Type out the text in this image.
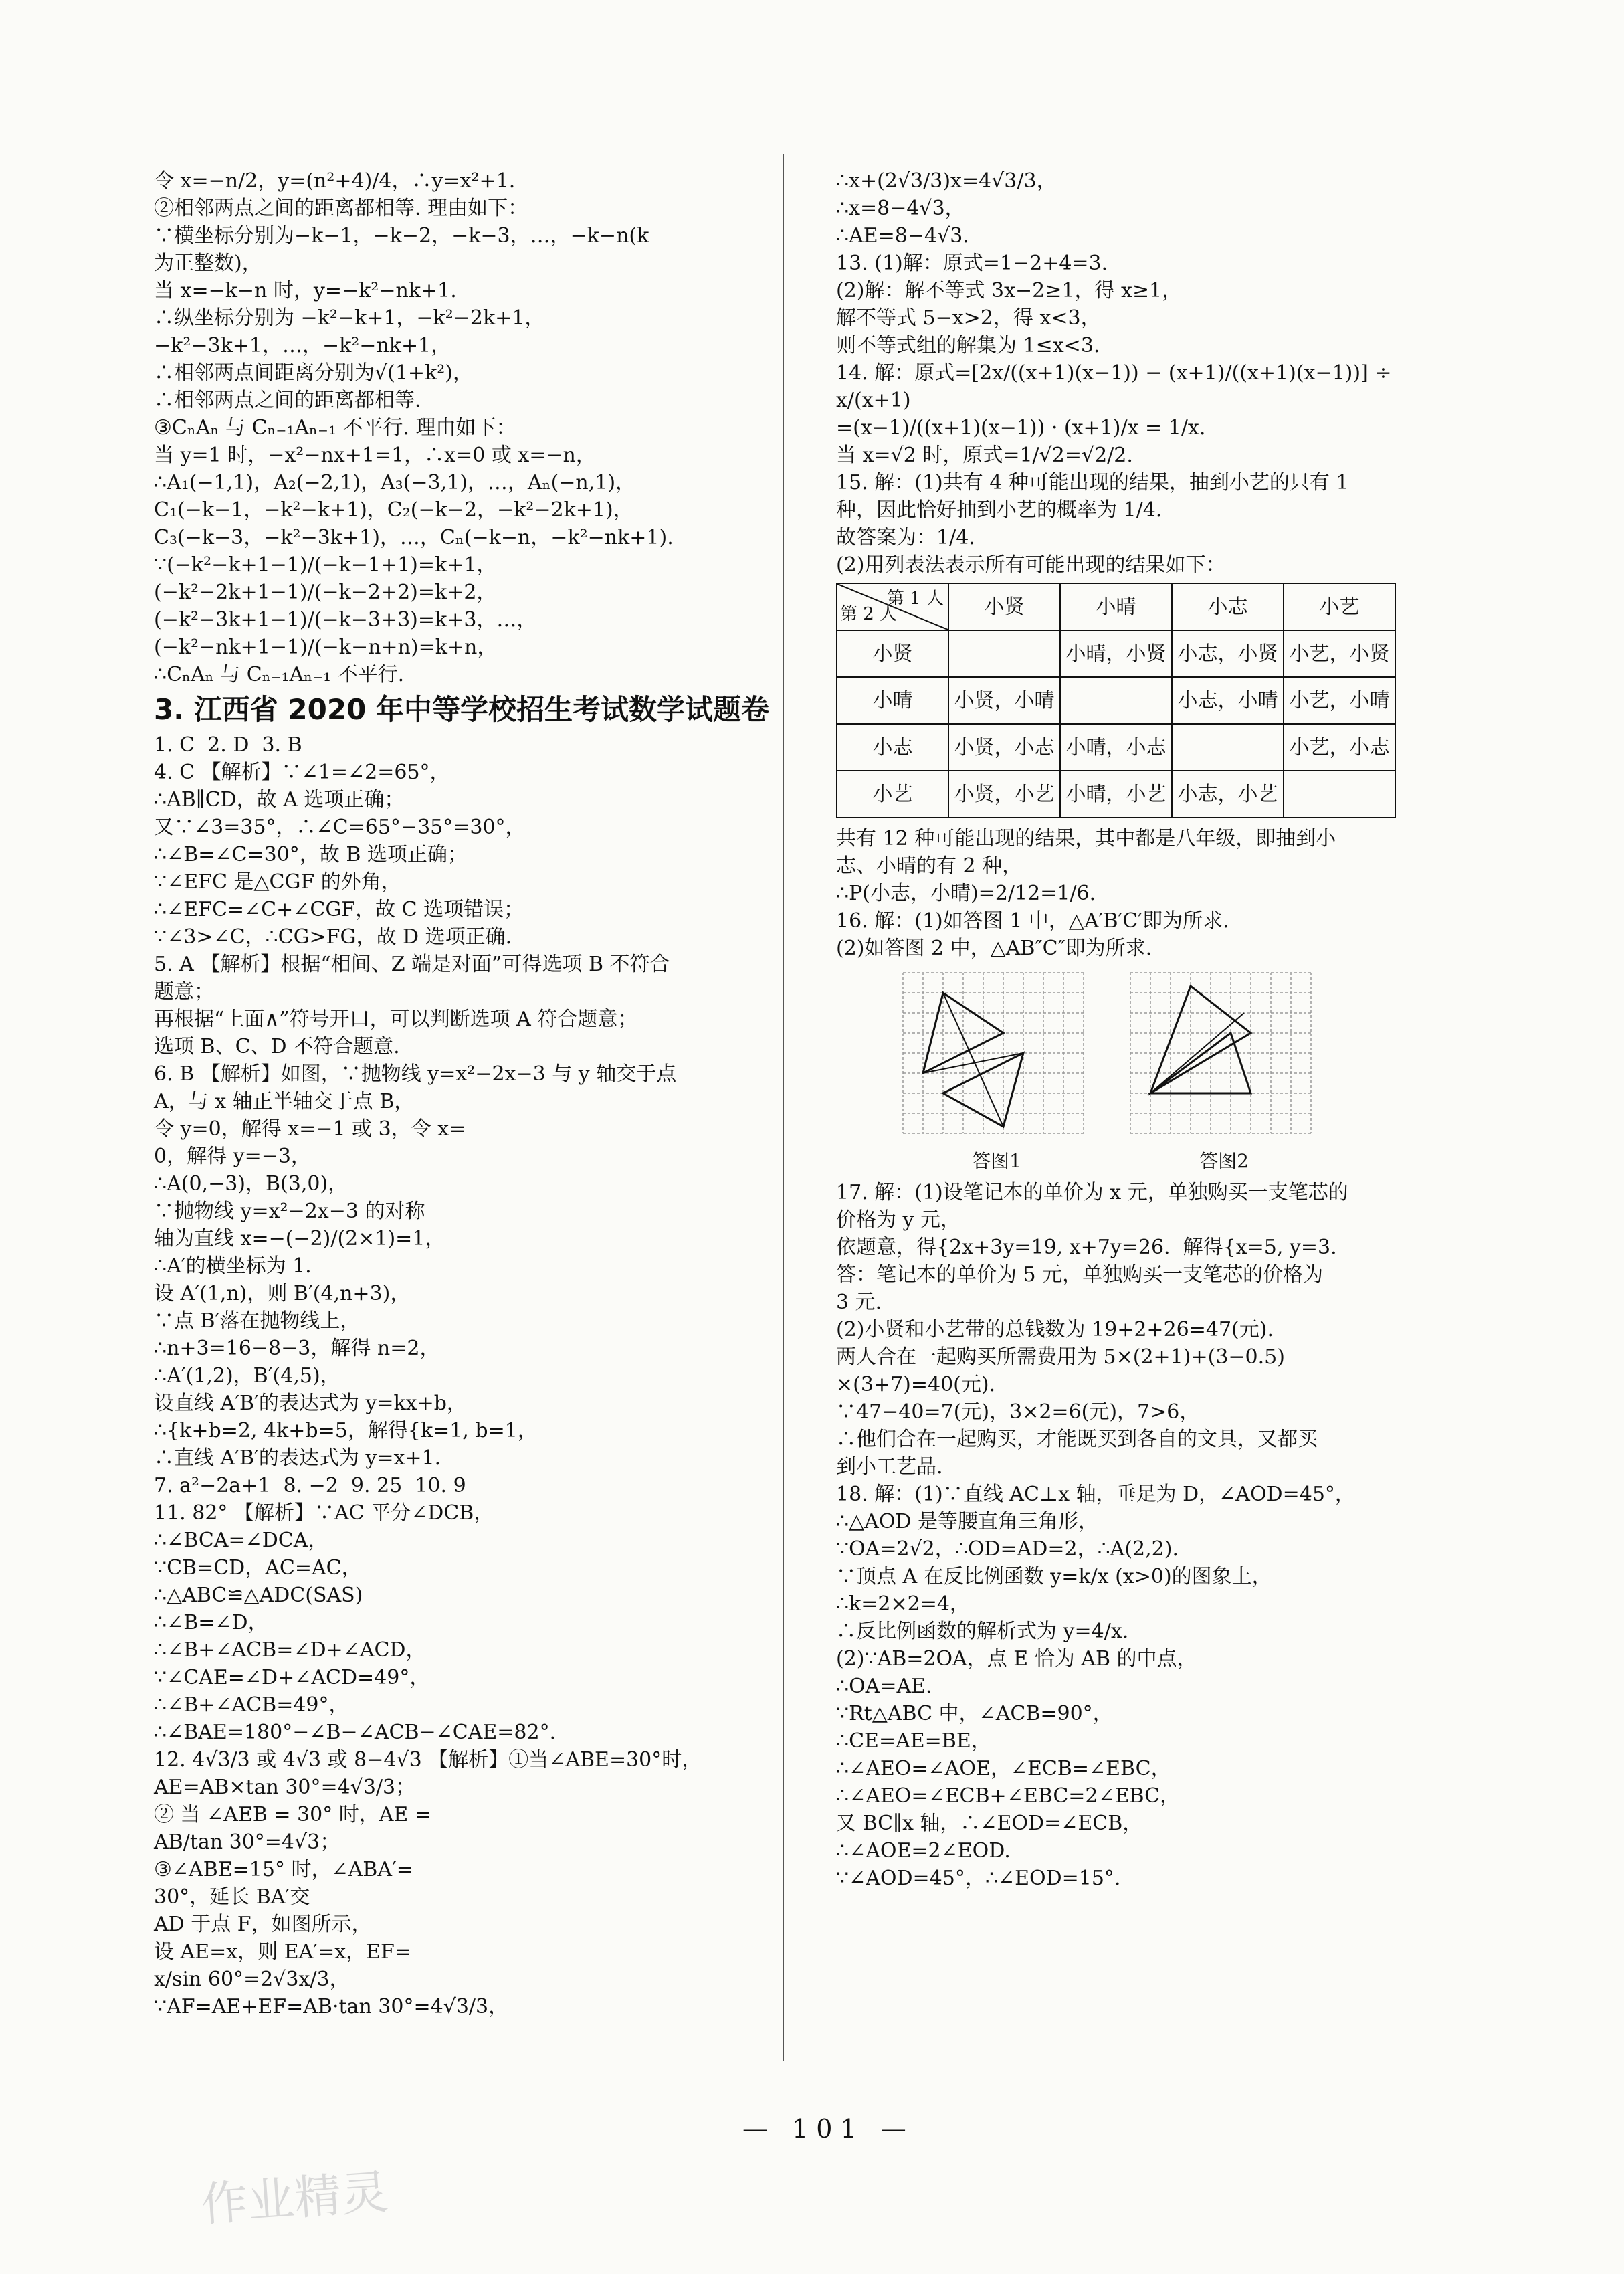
令 x=−n/2，y=(n²+4)/4，∴y=x²+1.
②相邻两点之间的距离都相等. 理由如下：
∵横坐标分别为−k−1，−k−2，−k−3，…，−k−n(k
为正整数)，
当 x=−k−n 时，y=−k²−nk+1.
∴纵坐标分别为 −k²−k+1，−k²−2k+1，
−k²−3k+1，…，−k²−nk+1，
∴相邻两点间距离分别为√(1+k²)，
∴相邻两点之间的距离都相等.
③CₙAₙ 与 Cₙ₋₁Aₙ₋₁ 不平行. 理由如下：
当 y=1 时，−x²−nx+1=1，∴x=0 或 x=−n，
∴A₁(−1,1)，A₂(−2,1)，A₃(−3,1)，…，Aₙ(−n,1)，
C₁(−k−1，−k²−k+1)，C₂(−k−2，−k²−2k+1)，
C₃(−k−3，−k²−3k+1)，…，Cₙ(−k−n，−k²−nk+1).
∵(−k²−k+1−1)/(−k−1+1)=k+1，(−k²−2k+1−1)/(−k−2+2)=k+2，
(−k²−3k+1−1)/(−k−3+3)=k+3，…，(−k²−nk+1−1)/(−k−n+n)=k+n，
∴CₙAₙ 与 Cₙ₋₁Aₙ₋₁ 不平行.
3. 江西省 2020 年中等学校招生考试数学试题卷
1. C  2. D  3. B
4. C 【解析】∵∠1=∠2=65°，
∴AB∥CD，故 A 选项正确；
又∵∠3=35°，∴∠C=65°−35°=30°，
∴∠B=∠C=30°，故 B 选项正确；
∵∠EFC 是△CGF 的外角，
∴∠EFC=∠C+∠CGF，故 C 选项错误；
∵∠3>∠C，∴CG>FG，故 D 选项正确.
5. A 【解析】根据“相间、Z 端是对面”可得选项 B 不符合
题意；
再根据“上面∧”符号开口，可以判断选项 A 符合题意；
选项 B、C、D 不符合题意.
6. B 【解析】如图，∵抛物线 y=x²−2x−3 与 y 轴交于点
A，与 x 轴正半轴交于点 B，
令 y=0，解得 x=−1 或 3，令 x=
0，解得 y=−3，
∴A(0,−3)，B(3,0)，
∵抛物线 y=x²−2x−3 的对称
轴为直线 x=−(−2)/(2×1)=1，
∴A′的横坐标为 1.
设 A′(1,n)，则 B′(4,n+3)，
∵点 B′落在抛物线上，
∴n+3=16−8−3，解得 n=2，
∴A′(1,2)，B′(4,5)，
设直线 A′B′的表达式为 y=kx+b，
∴{k+b=2, 4k+b=5，解得{k=1, b=1，
∴直线 A′B′的表达式为 y=x+1.
7. a²−2a+1  8. −2  9. 25  10. 9
11. 82° 【解析】∵AC 平分∠DCB，
∴∠BCA=∠DCA，
∵CB=CD，AC=AC，
∴△ABC≌△ADC(SAS)
∴∠B=∠D，
∴∠B+∠ACB=∠D+∠ACD，
∵∠CAE=∠D+∠ACD=49°，
∴∠B+∠ACB=49°，
∴∠BAE=180°−∠B−∠ACB−∠CAE=82°.
12. 4√3/3 或 4√3 或 8−4√3 【解析】①当∠ABE=30°时，
AE=AB×tan 30°=4√3/3；
② 当 ∠AEB = 30° 时，AE =
AB/tan 30°=4√3；
③∠ABE=15° 时，∠ABA′=
30°，延长 BA′交
AD 于点 F，如图所示，
设 AE=x，则 EA′=x，EF=
x/sin 60°=2√3x/3，
∵AF=AE+EF=AB·tan 30°=4√3/3，
∴x+(2√3/3)x=4√3/3，
∴x=8−4√3，
∴AE=8−4√3.
13. (1)解：原式=1−2+4=3.
(2)解：解不等式 3x−2≥1，得 x≥1，
解不等式 5−x>2，得 x<3，
则不等式组的解集为 1≤x<3.
14. 解：原式=[2x/((x+1)(x−1)) − (x+1)/((x+1)(x−1))] ÷ x/(x+1)
=(x−1)/((x+1)(x−1)) · (x+1)/x = 1/x.
当 x=√2 时，原式=1/√2=√2/2.
15. 解：(1)共有 4 种可能出现的结果，抽到小艺的只有 1
种，因此恰好抽到小艺的概率为 1/4.
故答案为：1/4.
(2)用列表法表示所有可能出现的结果如下：
第 1 人
第 2 人	小贤	小晴	小志	小艺
小贤		小晴，小贤	小志，小贤	小艺，小贤
小晴	小贤，小晴		小志，小晴	小艺，小晴
小志	小贤，小志	小晴，小志		小艺，小志
小艺	小贤，小艺	小晴，小艺	小志，小艺	
共有 12 种可能出现的结果，其中都是八年级，即抽到小
志、小晴的有 2 种，
∴P(小志，小晴)=2/12=1/6.
16. 解：(1)如答图 1 中，△A′B′C′即为所求.
(2)如答图 2 中，△AB″C″即为所求.
答图1	答图2
17. 解：(1)设笔记本的单价为 x 元，单独购买一支笔芯的
价格为 y 元，
依题意，得{2x+3y=19, x+7y=26.  解得{x=5, y=3.
答：笔记本的单价为 5 元，单独购买一支笔芯的价格为
3 元.
(2)小贤和小艺带的总钱数为 19+2+26=47(元).
两人合在一起购买所需费用为 5×(2+1)+(3−0.5)
×(3+7)=40(元).
∵47−40=7(元)，3×2=6(元)，7>6，
∴他们合在一起购买，才能既买到各自的文具，又都买
到小工艺品.
18. 解：(1)∵直线 AC⊥x 轴，垂足为 D，∠AOD=45°，
∴△AOD 是等腰直角三角形，
∵OA=2√2，∴OD=AD=2，∴A(2,2).
∵顶点 A 在反比例函数 y=k/x (x>0)的图象上，
∴k=2×2=4，
∴反比例函数的解析式为 y=4/x.
(2)∵AB=2OA，点 E 恰为 AB 的中点，
∴OA=AE.
∵Rt△ABC 中，∠ACB=90°，
∴CE=AE=BE，
∴∠AEO=∠AOE，∠ECB=∠EBC，
∴∠AEO=∠ECB+∠EBC=2∠EBC，
又 BC∥x 轴，∴∠EOD=∠ECB，
∴∠AOE=2∠EOD.
∵∠AOD=45°，∴∠EOD=15°.
— 101 —
作业精灵
